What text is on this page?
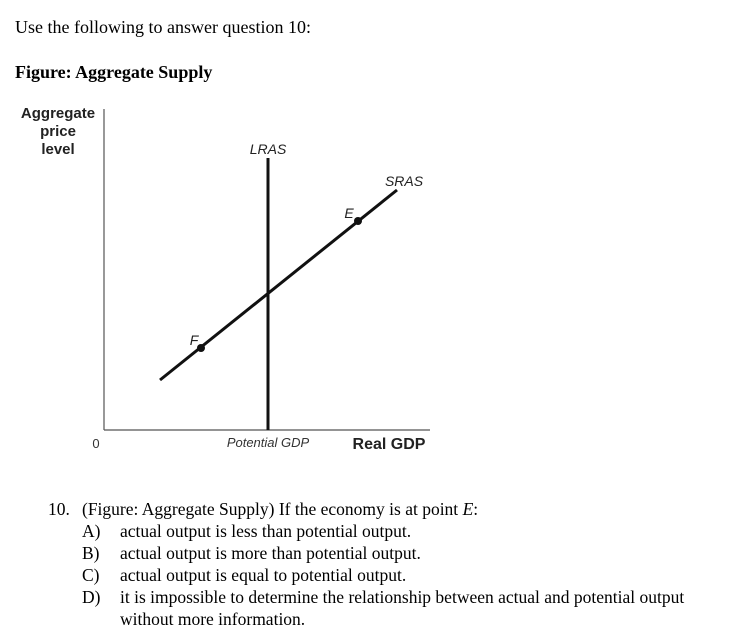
Use the following to answer question 10:
Figure: Aggregate Supply
Aggregate
price
level	LRAS
SRAS
E
F
0	Potential GDP	Real GDP
10. (Figure: Aggregate Supply) If the economy is at point E:
A)	actual output is less than potential output.
B)	actual output is more than potential output.
C)	actual output is equal to potential output.
D)	it is impossible to determine the relationship between actual and potential output without more information.
